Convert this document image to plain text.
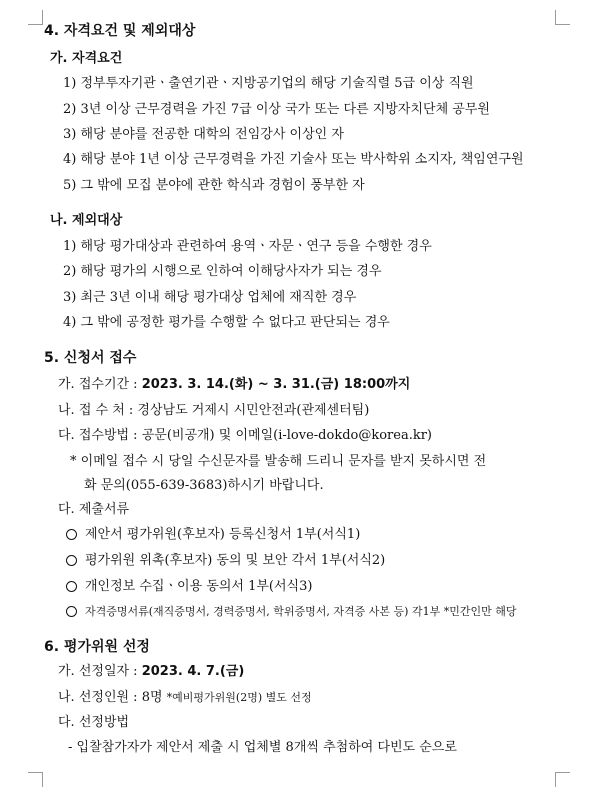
4. 자격요건 및 제외대상
가. 자격요건
1) 정부투자기관ㆍ출연기관ㆍ지방공기업의 해당 기술직렬 5급 이상 직원
2) 3년 이상 근무경력을 가진 7급 이상 국가 또는 다른 지방자치단체 공무원
3) 해당 분야를 전공한 대학의 전임강사 이상인 자
4) 해당 분야 1년 이상 근무경력을 가진 기술사 또는 박사학위 소지자, 책임연구원
5) 그 밖에 모집 분야에 관한 학식과 경험이 풍부한 자
나. 제외대상
1) 해당 평가대상과 관련하여 용역ㆍ자문ㆍ연구 등을 수행한 경우
2) 해당 평가의 시행으로 인하여 이해당사자가 되는 경우
3) 최근 3년 이내 해당 평가대상 업체에 재직한 경우
4) 그 밖에 공정한 평가를 수행할 수 없다고 판단되는 경우
5. 신청서 접수
가. 접수기간 : 2023. 3. 14.(화) ~ 3. 31.(금) 18:00까지
나. 접 수 처 : 경상남도 거제시 시민안전과(관제센터팀)
다. 접수방법 : 공문(비공개) 및 이메일(i-love-dokdo@korea.kr)
* 이메일 접수 시 당일 수신문자를 발송해 드리니 문자를 받지 못하시면 전
화 문의(055-639-3683)하시기 바랍니다.
다. 제출서류
제안서 평가위원(후보자) 등록신청서 1부(서식1)
평가위원 위촉(후보자) 동의 및 보안 각서 1부(서식2)
개인정보 수집ㆍ이용 동의서 1부(서식3)
자격증명서류(재직증명서, 경력증명서, 학위증명서, 자격증 사본 등) 각1부 *민간인만 해당
6. 평가위원 선정
가. 선정일자 : 2023. 4. 7.(금)
나. 선정인원 : 8명 *예비평가위원(2명) 별도 선정
다. 선정방법
- 입찰참가자가 제안서 제출 시 업체별 8개씩 추첨하여 다빈도 순으로
